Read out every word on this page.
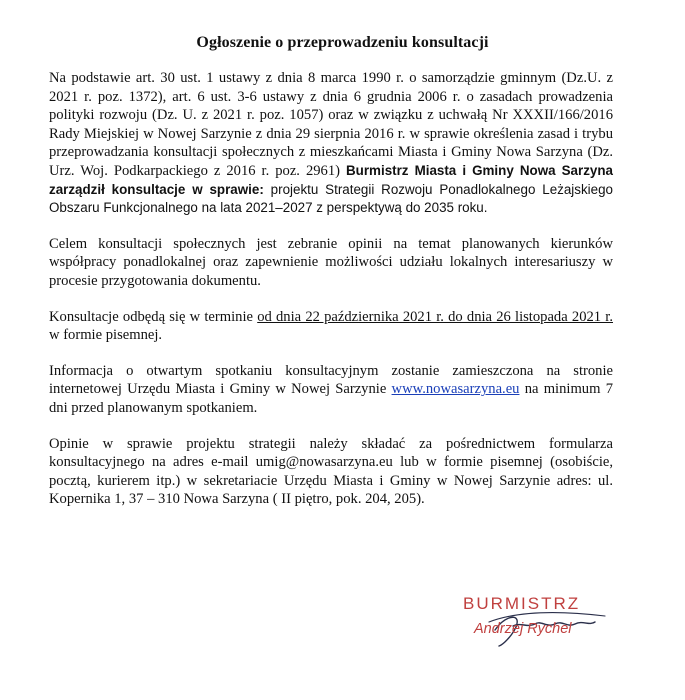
Ogłoszenie o przeprowadzeniu konsultacji

Na podstawie art. 30 ust. 1 ustawy z dnia 8 marca 1990 r. o samorządzie gminnym (Dz.U. z 2021 r. poz. 1372), art. 6 ust. 3-6 ustawy z dnia 6 grudnia 2006 r. o zasadach prowadzenia polityki rozwoju (Dz. U. z 2021 r. poz. 1057) oraz w związku z uchwałą Nr XXXII/166/2016 Rady Miejskiej w Nowej Sarzynie z dnia 29 sierpnia 2016 r. w sprawie określenia zasad i trybu przeprowadzania konsultacji społecznych z mieszkańcami Miasta i Gminy Nowa Sarzyna (Dz. Urz. Woj. Podkarpackiego z 2016 r. poz. 2961) Burmistrz Miasta i Gminy Nowa Sarzyna zarządził konsultacje w sprawie: projektu Strategii Rozwoju Ponadlokalnego Leżajskiego Obszaru Funkcjonalnego na lata 2021–2027 z perspektywą do 2035 roku.

Celem konsultacji społecznych jest zebranie opinii na temat planowanych kierunków współpracy ponadlokalnej oraz zapewnienie możliwości udziału lokalnych interesariuszy w procesie przygotowania dokumentu.

Konsultacje odbędą się w terminie od dnia 22 października 2021 r. do dnia 26 listopada 2021 r. w formie pisemnej.

Informacja o otwartym spotkaniu konsultacyjnym zostanie zamieszczona na stronie internetowej Urzędu Miasta i Gminy w Nowej Sarzynie www.nowasarzyna.eu na minimum 7 dni przed planowanym spotkaniem.

Opinie w sprawie projektu strategii należy składać za pośrednictwem formularza konsultacyjnego na adres e-mail umig@nowasarzyna.eu lub w formie pisemnej (osobiście, pocztą, kurierem itp.) w sekretariacie Urzędu Miasta i Gminy w Nowej Sarzynie adres: ul. Kopernika 1, 37 – 310 Nowa Sarzyna ( II piętro, pok. 204, 205).

BURMISTRZ
Andrzej Rychel
